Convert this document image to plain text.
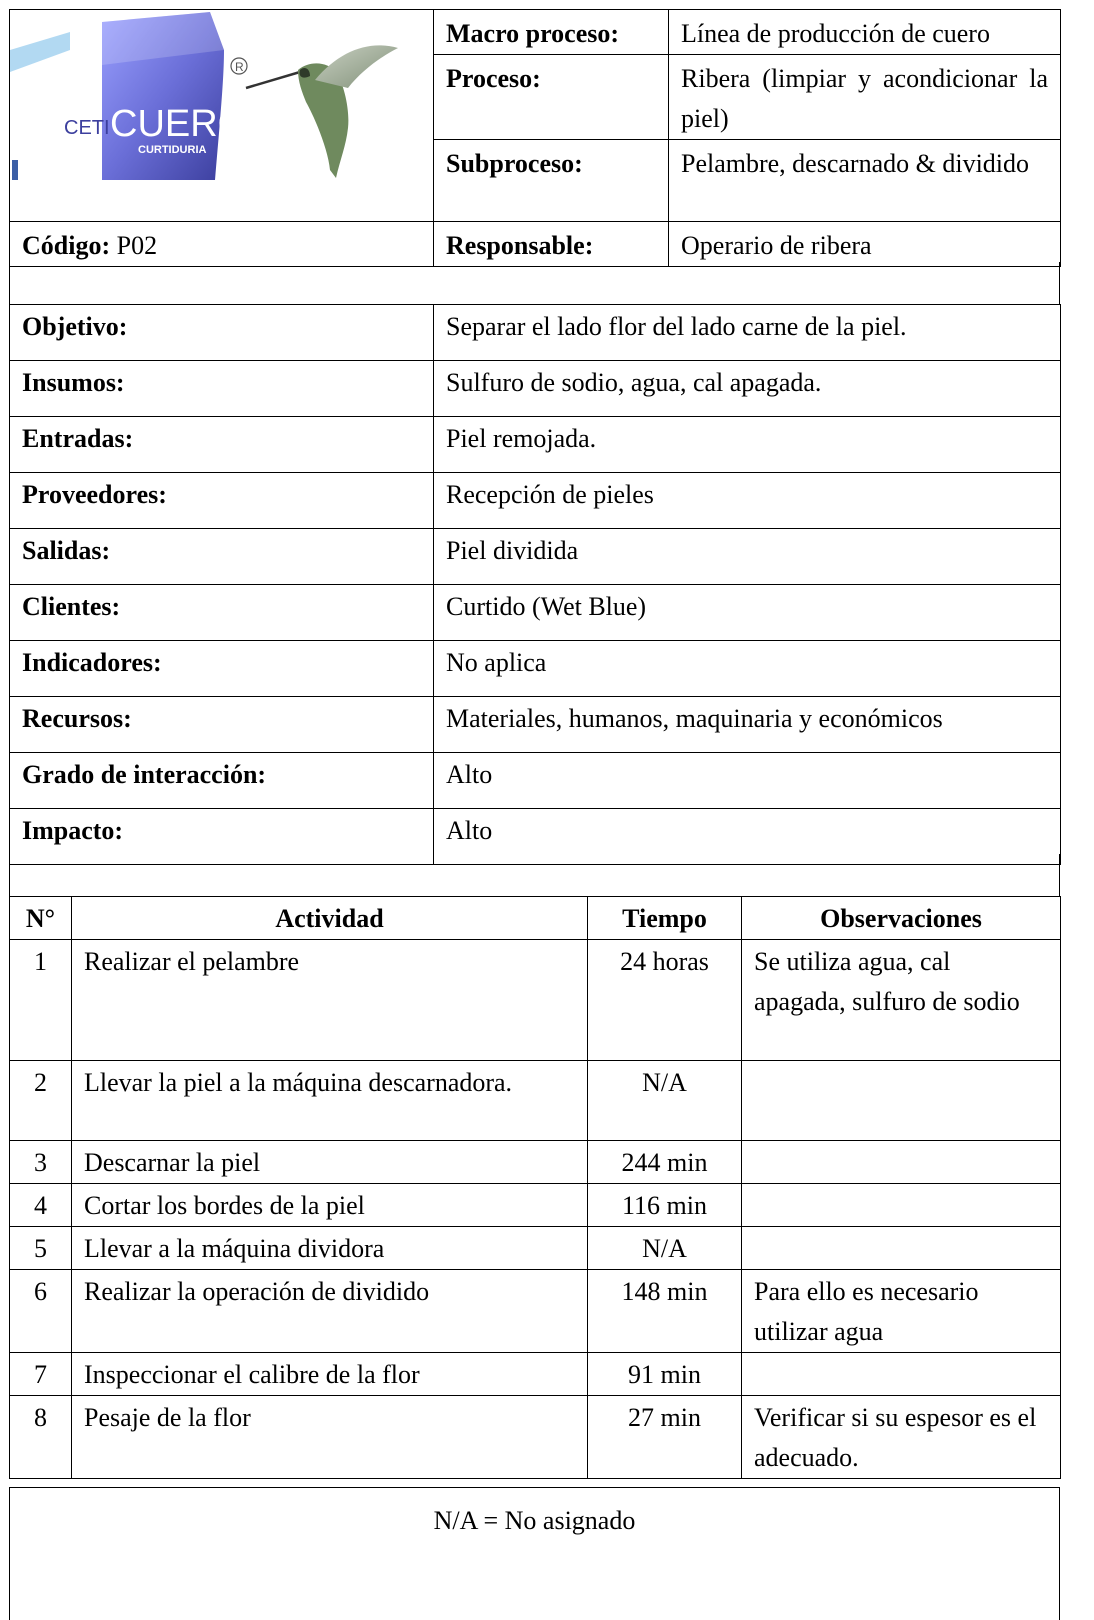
CETI CUERO
CURTIDURIA
R	Macro proceso:	Línea de producción de cuero
	Proceso:	Ribera (limpiar y acondicionar la piel)
	Subproceso:	Pelambre, descarnado & dividido
Código: P02	Responsable:	Operario de ribera
Objetivo:	Separar el lado flor del lado carne de la piel.
Insumos:	Sulfuro de sodio, agua, cal apagada.
Entradas:	Piel remojada.
Proveedores:	Recepción de pieles
Salidas:	Piel dividida
Clientes:	Curtido (Wet Blue)
Indicadores:	No aplica
Recursos:	Materiales, humanos, maquinaria y económicos
Grado de interacción:	Alto
Impacto:	Alto
N°	Actividad	Tiempo	Observaciones
1	Realizar el pelambre	24 horas	Se utiliza agua, cal apagada, sulfuro de sodio
2	Llevar la piel a la máquina descarnadora.	N/A	
3	Descarnar la piel	244 min	
4	Cortar los bordes de la piel	116 min	
5	Llevar a la máquina dividora	N/A	
6	Realizar la operación de dividido	148 min	Para ello es necesario utilizar agua
7	Inspeccionar el calibre de la flor	91 min	
8	Pesaje de la flor	27 min	Verificar si su espesor es el adecuado.
N/A = No asignado
